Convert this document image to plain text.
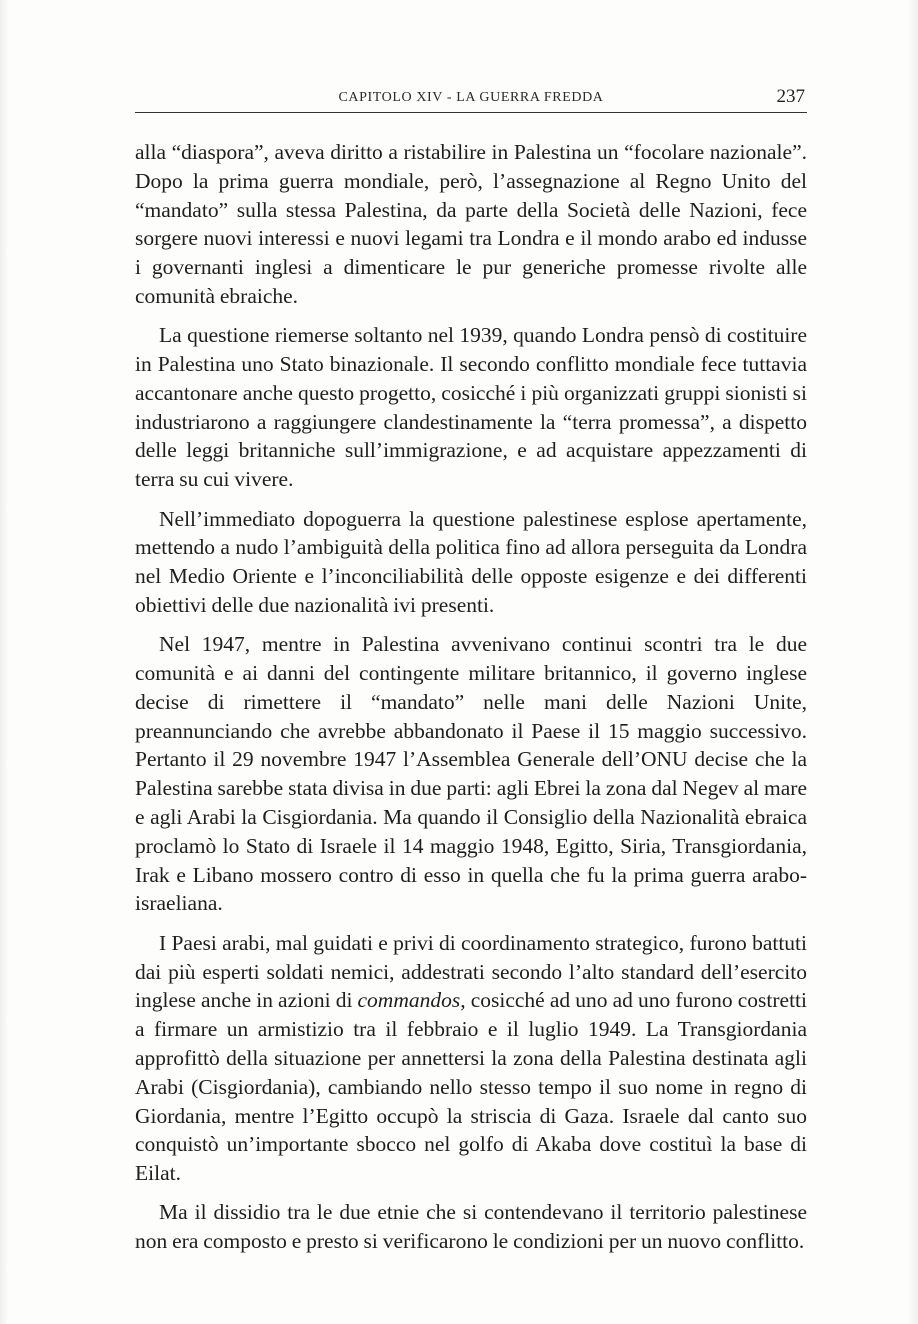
CAPITOLO XIV - LA GUERRA FREDDA	237

alla “diaspora”, aveva diritto a ristabilire in Palestina un “focolare nazionale”. Dopo la prima guerra mondiale, però, l’assegnazione al Regno Unito del “mandato” sulla stessa Palestina, da parte della Società delle Nazioni, fece sorgere nuovi interessi e nuovi legami tra Londra e il mondo arabo ed indusse i governanti inglesi a dimenticare le pur generiche promesse rivolte alle comunità ebraiche.

La questione riemerse soltanto nel 1939, quando Londra pensò di costituire in Palestina uno Stato binazionale. Il secondo conflitto mondiale fece tuttavia accantonare anche questo progetto, cosicché i più organizzati gruppi sionisti si industriarono a raggiungere clandestinamente la “terra promessa”, a dispetto delle leggi britanniche sull’immigrazione, e ad acquistare appezzamenti di terra su cui vivere.

Nell’immediato dopoguerra la questione palestinese esplose apertamente, mettendo a nudo l’ambiguità della politica fino ad allora perseguita da Londra nel Medio Oriente e l’inconciliabilità delle opposte esigenze e dei differenti obiettivi delle due nazionalità ivi presenti.

Nel 1947, mentre in Palestina avvenivano continui scontri tra le due comunità e ai danni del contingente militare britannico, il governo inglese decise di rimettere il “mandato” nelle mani delle Nazioni Unite, preannunciando che avrebbe abbandonato il Paese il 15 maggio successivo. Pertanto il 29 novembre 1947 l’Assemblea Generale dell’ONU decise che la Palestina sarebbe stata divisa in due parti: agli Ebrei la zona dal Negev al mare e agli Arabi la Cisgiordania. Ma quando il Consiglio della Nazionalità ebraica proclamò lo Stato di Israele il 14 maggio 1948, Egitto, Siria, Transgiordania, Irak e Libano mossero contro di esso in quella che fu la prima guerra arabo-israeliana.

I Paesi arabi, mal guidati e privi di coordinamento strategico, furono battuti dai più esperti soldati nemici, addestrati secondo l’alto standard dell’esercito inglese anche in azioni di commandos, cosicché ad uno ad uno furono costretti a firmare un armistizio tra il febbraio e il luglio 1949. La Transgiordania approfittò della situazione per annettersi la zona della Palestina destinata agli Arabi (Cisgiordania), cambiando nello stesso tempo il suo nome in regno di Giordania, mentre l’Egitto occupò la striscia di Gaza. Israele dal canto suo conquistò un’importante sbocco nel golfo di Akaba dove costituì la base di Eilat.

Ma il dissidio tra le due etnie che si contendevano il territorio palestinese non era composto e presto si verificarono le condizioni per un nuovo conflitto.
